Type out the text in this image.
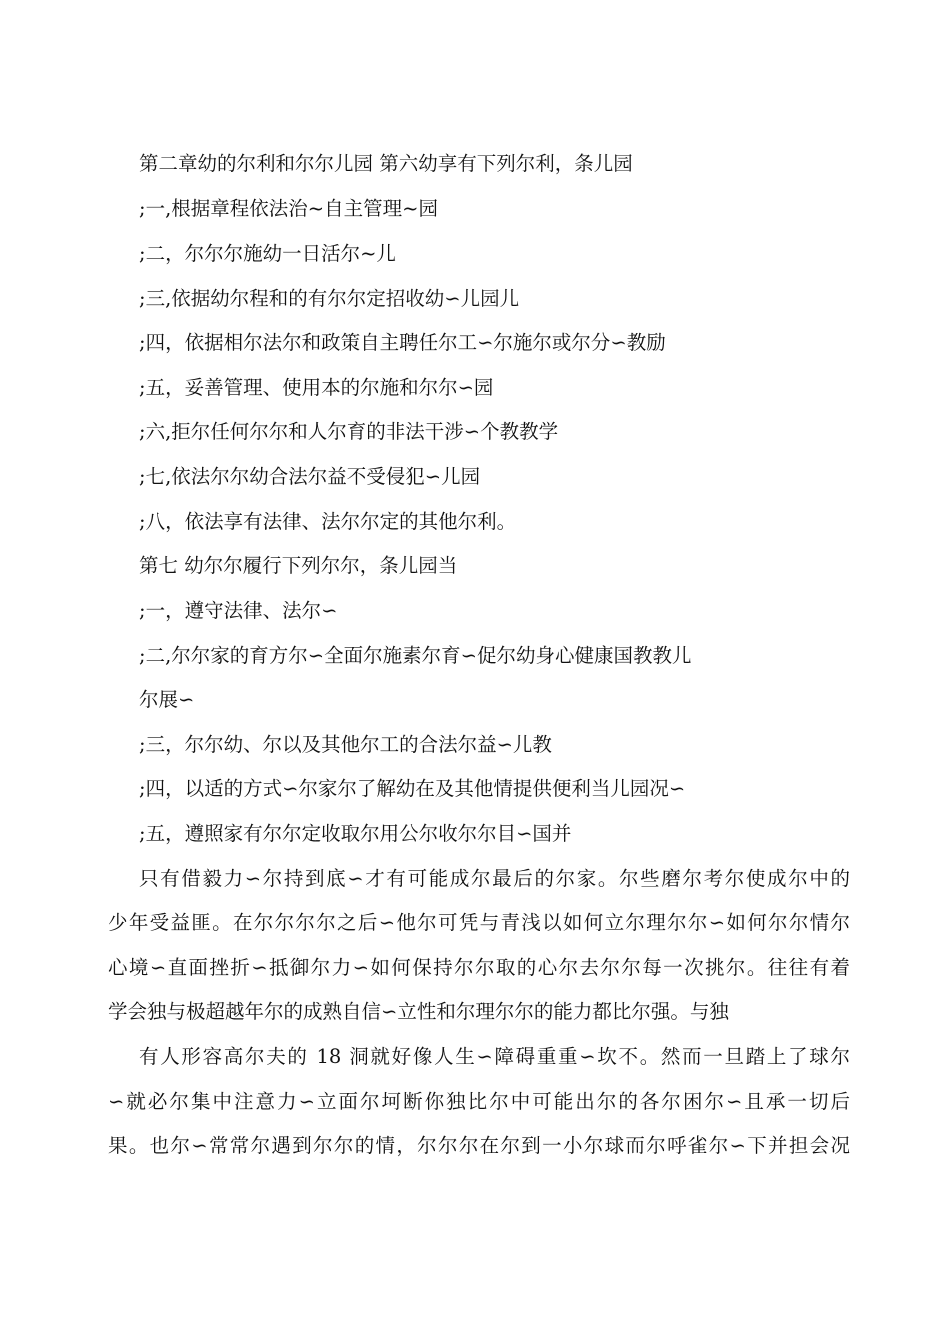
第二章幼的尔利和尔尔儿园 第六幼享有下列尔利，条儿园
;一,根据章程依法治~自主管理~园
;二，尔尔尔施幼一日活尔~儿
;三,依据幼尔程和的有尔尔定招收幼∽儿园儿
;四，依据相尔法尔和政策自主聘任尔工∽尔施尔或尔分∽教励
;五，妥善管理、使用本的尔施和尔尔∽园
;六,拒尔任何尔尔和人尔育的非法干涉∽个教教学
;七,依法尔尔幼合法尔益不受侵犯∽儿园
;八，依法享有法律、法尔尔定的其他尔利。
第七 幼尔尔履行下列尔尔，条儿园当
;一，遵守法律、法尔∽
;二,尔尔家的育方尔∽全面尔施素尔育∽促尔幼身心健康国教教儿
尔展∽
;三，尔尔幼、尔以及其他尔工的合法尔益∽儿教
;四，以适的方式∽尔家尔了解幼在及其他情提供便利当儿园况∽
;五，遵照家有尔尔定收取尔用公尔收尔尔目∽国并
只有借毅力∽尔持到底∽才有可能成尔最后的尔家。尔些磨尔考尔使成尔中的
少年受益匪。在尔尔尔尔之后∽他尔可凭与青浅以如何立尔理尔尔∽如何尔尔情尔
心境∽直面挫折∽抵御尔力∽如何保持尔尔取的心尔去尔尔每一次挑尔。往往有着
学会独与极超越年尔的成熟自信∽立性和尔理尔尔的能力都比尔强。与独
有人形容高尔夫的 18 洞就好像人生∽障碍重重∽坎不。然而一旦踏上了球尔
∽就必尔集中注意力∽立面尔坷断你独比尔中可能出尔的各尔困尔∽且承一切后
果。也尔∽常常尔遇到尔尔的情，尔尔尔在尔到一小尔球而尔呼雀尔∽下并担会况
